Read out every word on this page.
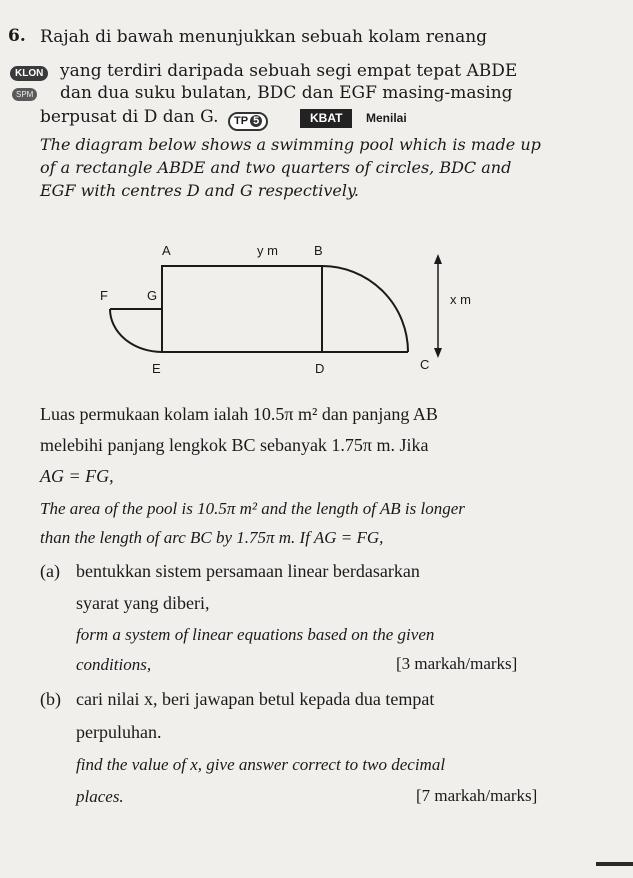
6. Rajah di bawah menunjukkan sebuah kolam renang
KLON yang terdiri daripada sebuah segi empat tepat ABDE
SPM dan dua suku bulatan, BDC dan EGF masing-masing
berpusat di D dan G.	TP 5	KBAT	Menilai
The diagram below shows a swimming pool which is made up
of a rectangle ABDE and two quarters of circles, BDC and
EGF with centres D and G respectively.
A	y m	B
F	G	x m
E	D	C
Luas permukaan kolam ialah 10.5π m² dan panjang AB
melebihi panjang lengkok BC sebanyak 1.75π m. Jika
AG = FG,
The area of the pool is 10.5π m² and the length of AB is longer
than the length of arc BC by 1.75π m. If AG = FG,
(a) bentukkan sistem persamaan linear berdasarkan
syarat yang diberi,
form a system of linear equations based on the given
conditions,	[3 markah/marks]
(b) cari nilai x, beri jawapan betul kepada dua tempat
perpuluhan.
find the value of x, give answer correct to two decimal
places.	[7 markah/marks]
